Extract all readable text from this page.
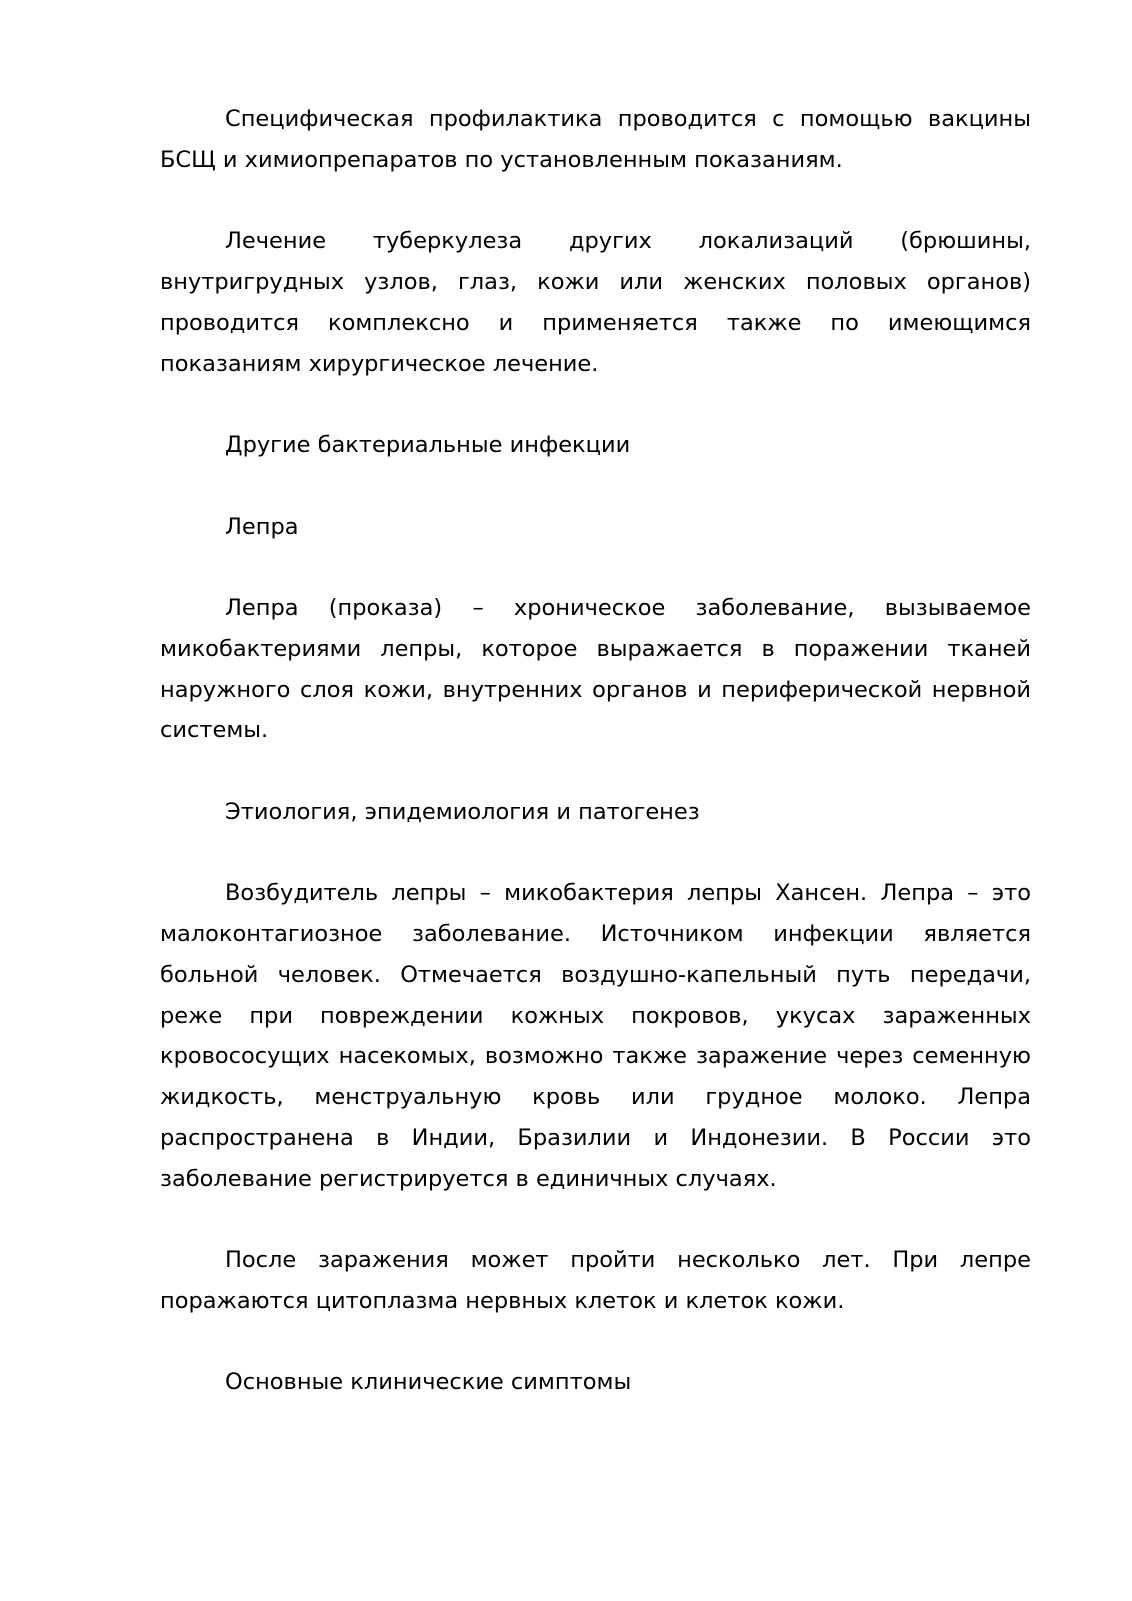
Специфическая профилактика проводится с помощью вакцины БСЩ и химиопрепаратов по установленным показаниям.

Лечение туберкулеза других локализаций (брюшины, внутригрудных узлов, глаз, кожи или женских половых органов) проводится комплексно и применяется также по имеющимся показаниям хирургическое лечение.

Другие бактериальные инфекции

Лепра

Лепра (проказа) – хроническое заболевание, вызываемое микобактериями лепры, которое выражается в поражении тканей наружного слоя кожи, внутренних органов и периферической нервной системы.

Этиология, эпидемиология и патогенез

Возбудитель лепры – микобактерия лепры Хансен. Лепра – это малоконтагиозное заболевание. Источником инфекции является больной человек. Отмечается воздушно-капельный путь передачи, реже при повреждении кожных покровов, укусах зараженных кровососущих насекомых, возможно также заражение через семенную жидкость, менструальную кровь или грудное молоко. Лепра распространена в Индии, Бразилии и Индонезии. В России это заболевание регистрируется в единичных случаях.

После заражения может пройти несколько лет. При лепре поражаются цитоплазма нервных клеток и клеток кожи.

Основные клинические симптомы
